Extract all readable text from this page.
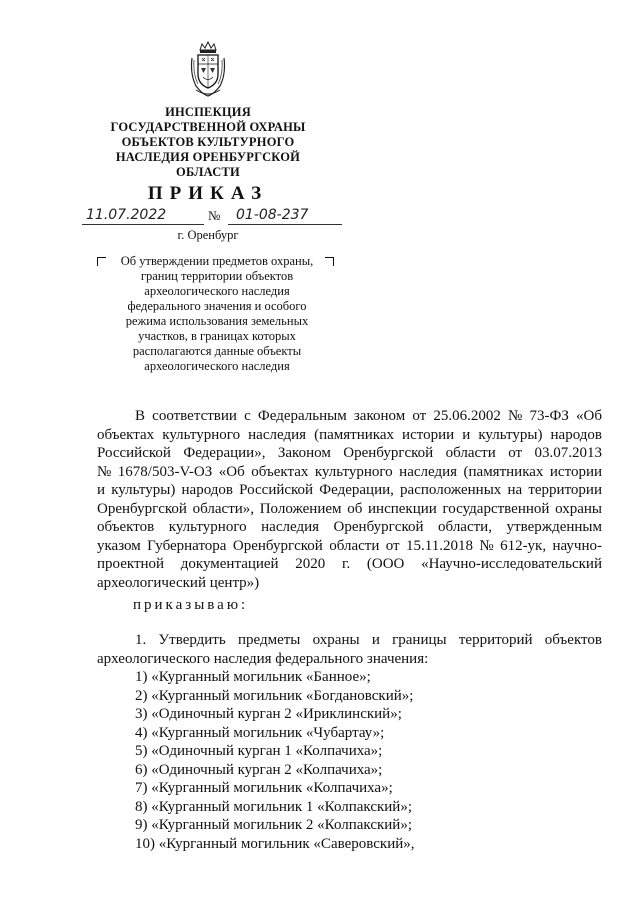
ИНСПЕКЦИЯ
ГОСУДАРСТВЕННОЙ ОХРАНЫ
ОБЪЕКТОВ КУЛЬТУРНОГО
НАСЛЕДИЯ ОРЕНБУРГСКОЙ
ОБЛАСТИ
ПРИКАЗ
11.07.2022	№ 01-08-237
г. Оренбург
Об утверждении предметов охраны,
границ территории объектов
археологического наследия
федерального значения и особого
режима использования земельных
участков, в границах которых
располагаются данные объекты
археологического наследия
В соответствии с Федеральным законом от 25.06.2002 № 73-ФЗ «Об
объектах культурного наследия (памятниках истории и культуры) народов
Российской Федерации», Законом Оренбургской области от 03.07.2013
№ 1678/503-V-ОЗ «Об объектах культурного наследия (памятниках истории
и культуры) народов Российской Федерации, расположенных на территории
Оренбургской области», Положением об инспекции государственной охраны
объектов культурного наследия Оренбургской области, утвержденным
указом Губернатора Оренбургской области от 15.11.2018 № 612-ук, научно-
проектной документацией 2020 г. (ООО «Научно-исследовательский
археологический центр»)
приказываю:
1. Утвердить предметы охраны и границы территорий объектов
археологического наследия федерального значения:
1) «Курганный могильник «Банное»;
2) «Курганный могильник «Богдановский»;
3) «Одиночный курган 2 «Ириклинский»;
4) «Курганный могильник «Чубартау»;
5) «Одиночный курган 1 «Колпачиха»;
6) «Одиночный курган 2 «Колпачиха»;
7) «Курганный могильник «Колпачиха»;
8) «Курганный могильник 1 «Колпакский»;
9) «Курганный могильник 2 «Колпакский»;
10) «Курганный могильник «Саверовский»,
